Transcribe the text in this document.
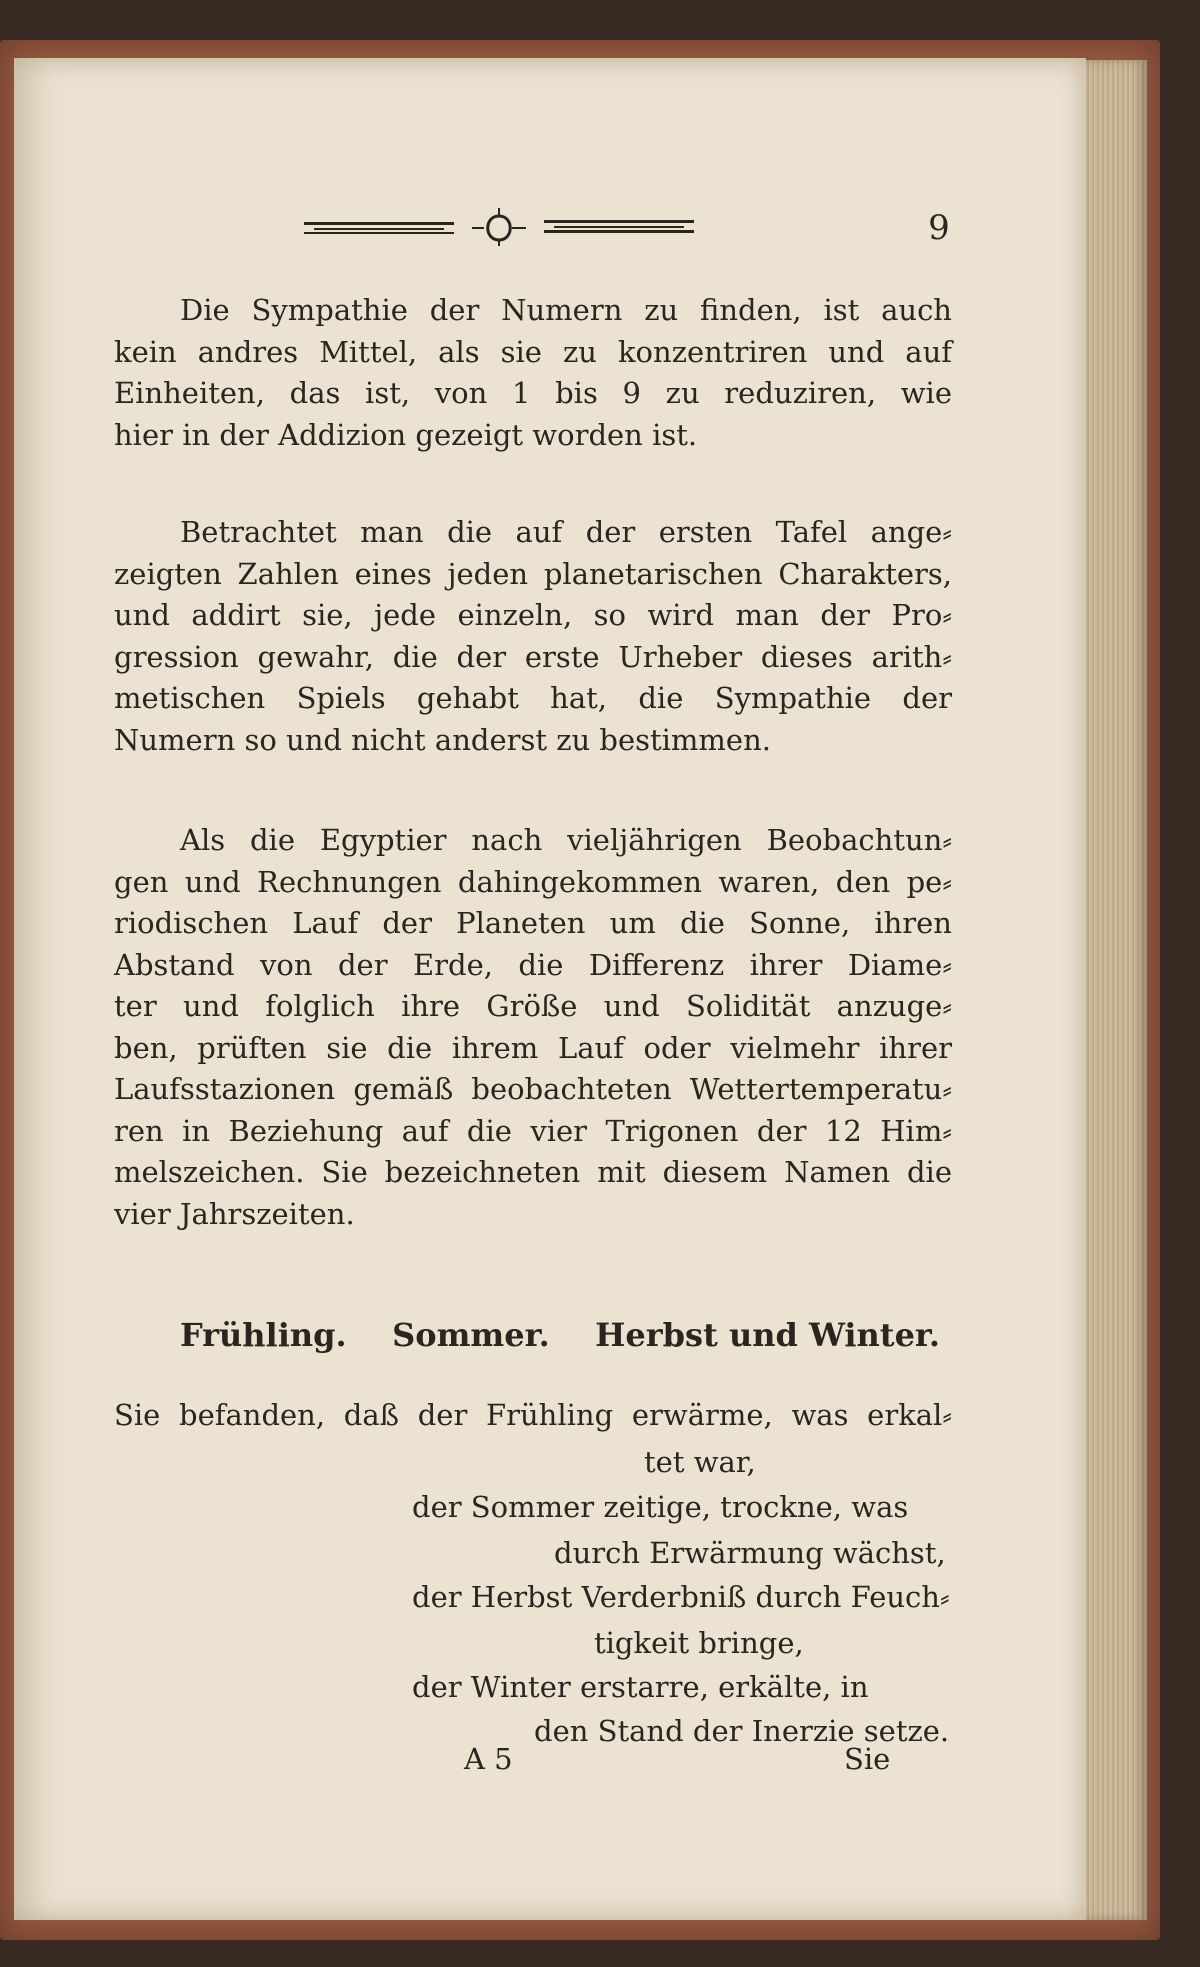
9
Die Sympathie der Numern zu finden, ist auch
kein andres Mittel, als sie zu konzentriren und auf
Einheiten, das ist, von 1 bis 9 zu reduziren, wie
hier in der Addizion gezeigt worden ist.
Betrachtet man die auf der ersten Tafel ange⸗
zeigten Zahlen eines jeden planetarischen Charakters,
und addirt sie, jede einzeln, so wird man der Pro⸗
gression gewahr, die der erste Urheber dieses arith⸗
metischen Spiels gehabt hat, die Sympathie der
Numern so und nicht anderst zu bestimmen.
Als die Egyptier nach vieljährigen Beobachtun⸗
gen und Rechnungen dahingekommen waren, den pe⸗
riodischen Lauf der Planeten um die Sonne, ihren
Abstand von der Erde, die Differenz ihrer Diame⸗
ter und folglich ihre Größe und Solidität anzuge⸗
ben, prüften sie die ihrem Lauf oder vielmehr ihrer
Laufsstazionen gemäß beobachteten Wettertemperatu⸗
ren in Beziehung auf die vier Trigonen der 12 Him⸗
melszeichen. Sie bezeichneten mit diesem Namen die
vier Jahrszeiten.
Frühling. Sommer. Herbst und Winter.
Sie befanden, daß der Frühling erwärme, was erkal⸗
tet war,
der Sommer zeitige, trockne, was
durch Erwärmung wächst,
der Herbst Verderbniß durch Feuch⸗
tigkeit bringe,
der Winter erstarre, erkälte, in
den Stand der Inerzie setze.
A 5	Sie
